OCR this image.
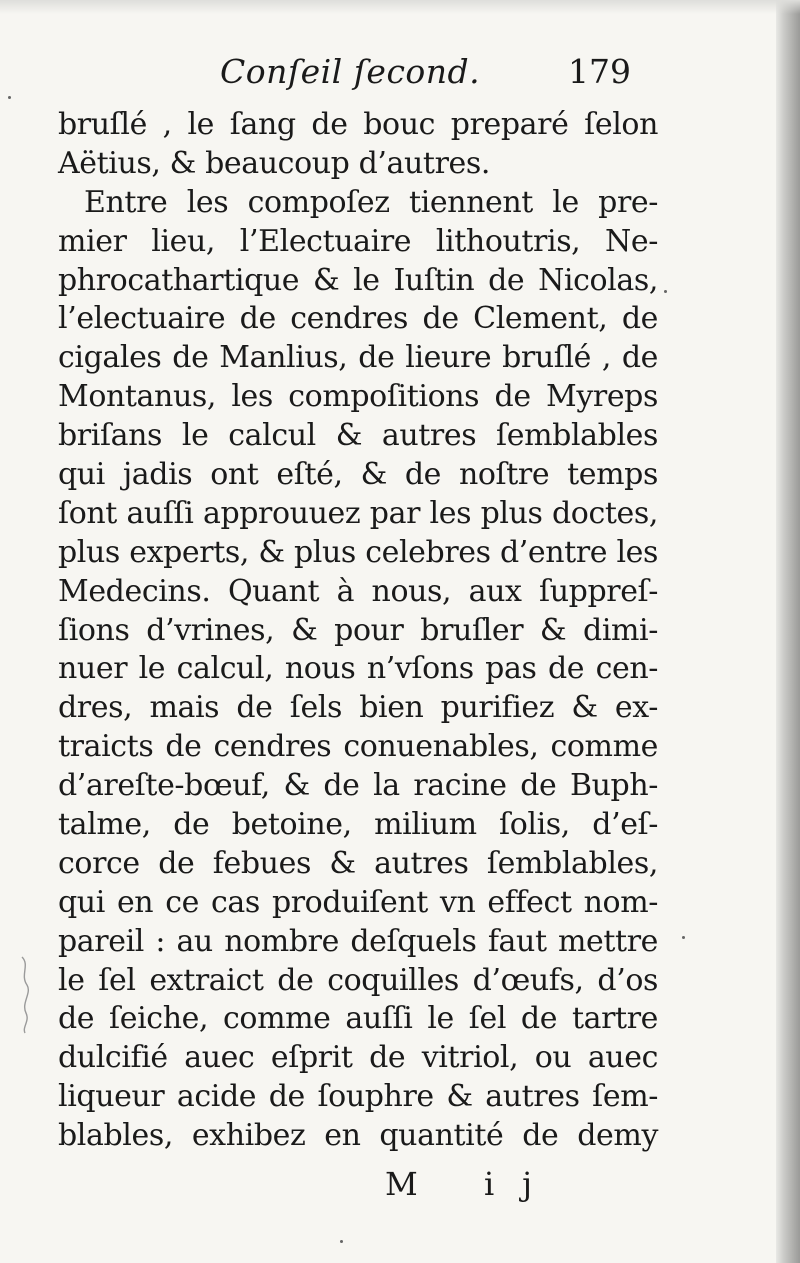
Conſeil ſecond.	179
bruſlé , le ſang de bouc preparé ſelon
Aëtius, & beaucoup d’autres.
Entre les compoſez tiennent le pre-
mier lieu, l’Electuaire lithoutris, Ne-
phrocathartique & le Iuſtin de Nicolas,
l’electuaire de cendres de Clement, de
cigales de Manlius, de lieure bruſlé , de
Montanus, les compoſitions de Myreps
briſans le calcul & autres ſemblables
qui jadis ont eſté, & de noſtre temps
ſont auſſi approuuez par les plus doctes,
plus experts, & plus celebres d’entre les
Medecins. Quant à nous, aux ſuppreſ-
ſions d’vrines, & pour bruſler & dimi-
nuer le calcul, nous n’vſons pas de cen-
dres, mais de ſels bien purifiez & ex-
traicts de cendres conuenables, comme
d’areſte-bœuf, & de la racine de Buph-
talme, de betoine, milium ſolis, d’eſ-
corce de febues & autres ſemblables,
qui en ce cas produiſent vn effect nom-
pareil : au nombre deſquels faut mettre
le ſel extraict de coquilles d’œufs, d’os
de ſeiche, comme auſſi le ſel de tartre
dulcifié auec eſprit de vitriol, ou auec
liqueur acide de ſouphre & autres ſem-
blables, exhibez en quantité de demy
M ij
